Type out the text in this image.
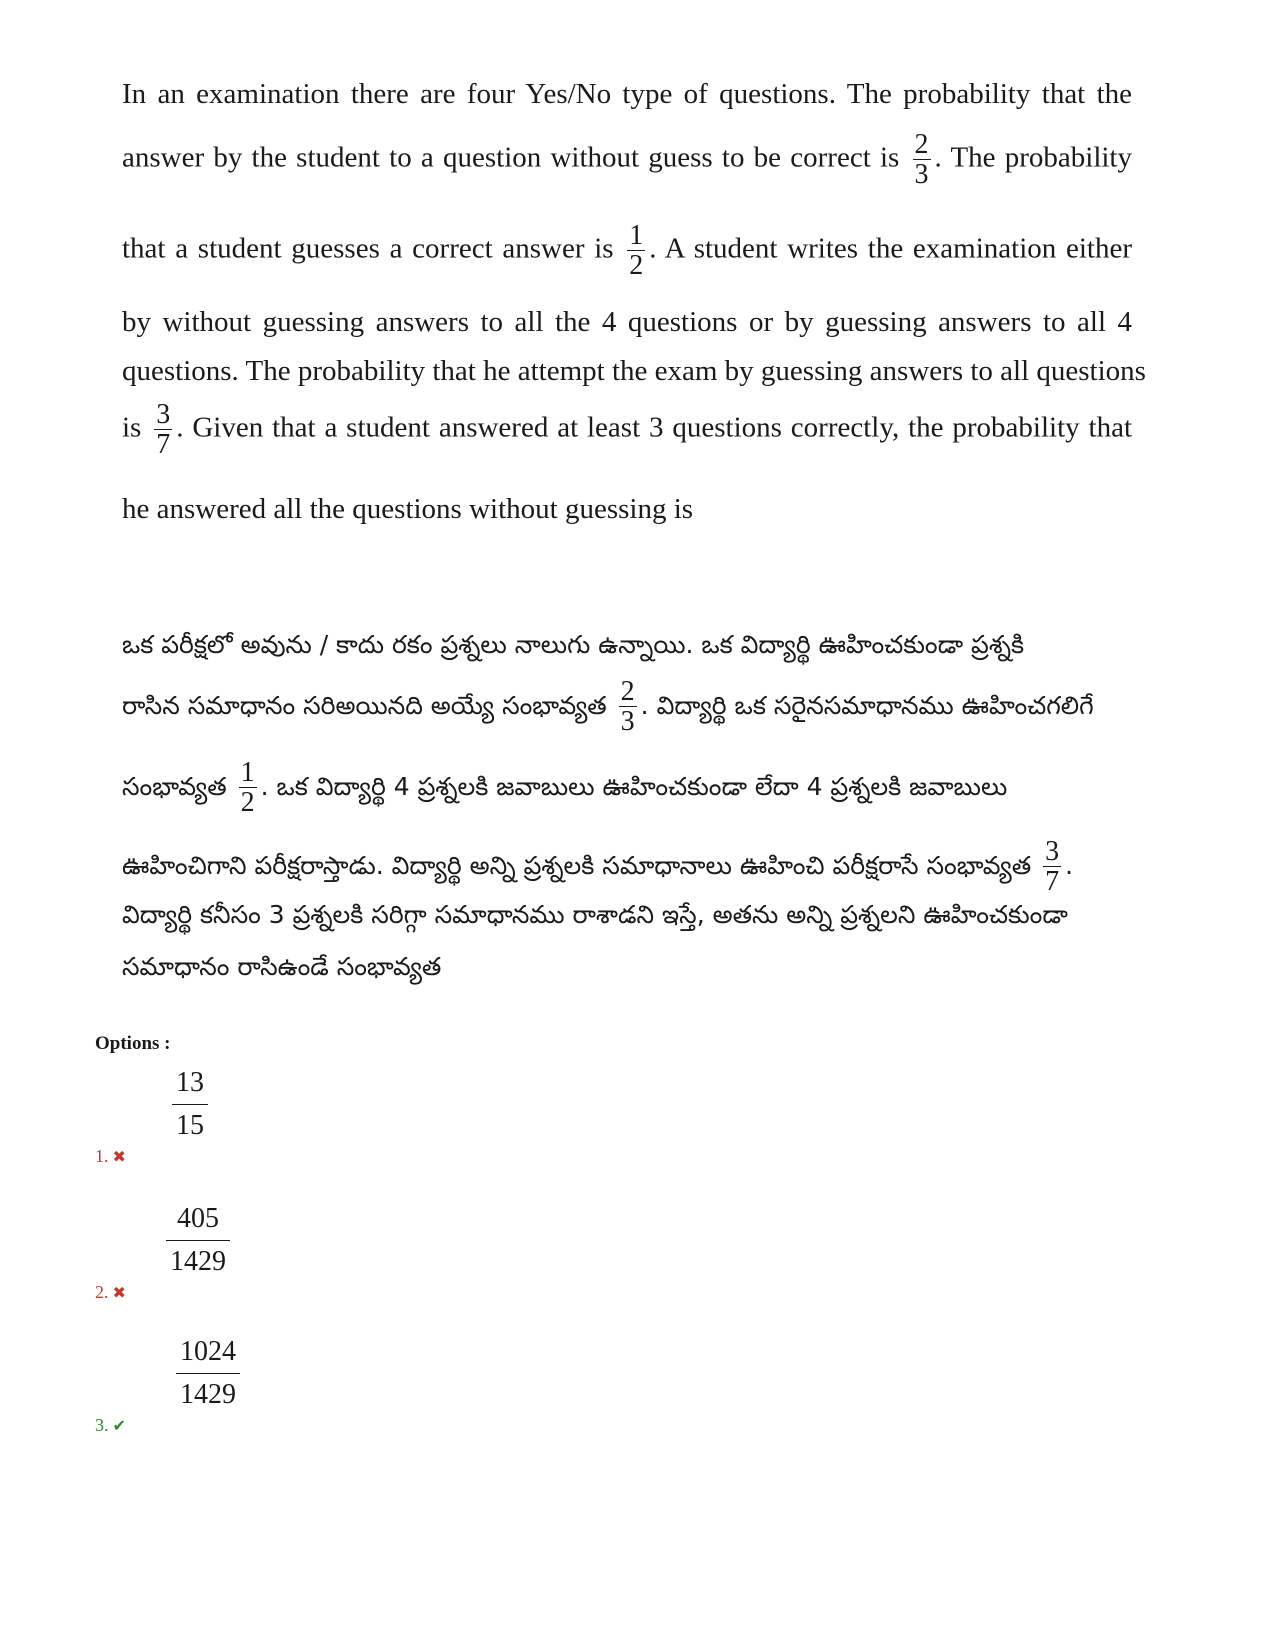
In an examination there are four Yes/No type of questions. The probability that the
answer by the student to a question without guess to be correct is $\frac{2}{3}$ . The probability
that a student guesses a correct answer is $\frac{1}{2}$ . A student writes the examination either
by without guessing answers to all the 4 questions or by guessing answers to all 4
questions. The probability that he attempt the exam by guessing answers to all questions
is $\frac{3}{7}$ . Given that a student answered at least 3 questions correctly, the probability that
he answered all the questions without guessing is
ఒక పరీక్షలో అవును / కాదు రకం ప్రశ్నలు నాలుగు ఉన్నాయి. ఒక విద్యార్థి ఊహించకుండా ప్రశ్నకి
రాసిన సమాధానం సరిఅయినది అయ్యే సంభావ్యత $\frac{2}{3}$ . విద్యార్థి ఒక సరైనసమాధానము ఊహించగలిగే
సంభావ్యత $\frac{1}{2}$ . ఒక విద్యార్థి 4 ప్రశ్నలకి జవాబులు ఊహించకుండా లేదా 4 ప్రశ్నలకి జవాబులు
ఊహించిగాని పరీక్షరాస్తాడు. విద్యార్థి అన్ని ప్రశ్నలకి సమాధానాలు ఊహించి పరీక్షరాసే సంభావ్యత $\frac{3}{7}$ .
విద్యార్థి కనీసం 3 ప్రశ్నలకి సరిగ్గా సమాధానము రాశాడని ఇస్తే, అతను అన్ని ప్రశ్నలని ఊహించకుండా
సమాధానం రాసిఉండే సంభావ్యత
Options :
$\frac{13}{15}$
1. ✖
$\frac{405}{1429}$
2. ✖
$\frac{1024}{1429}$
3. ✔
